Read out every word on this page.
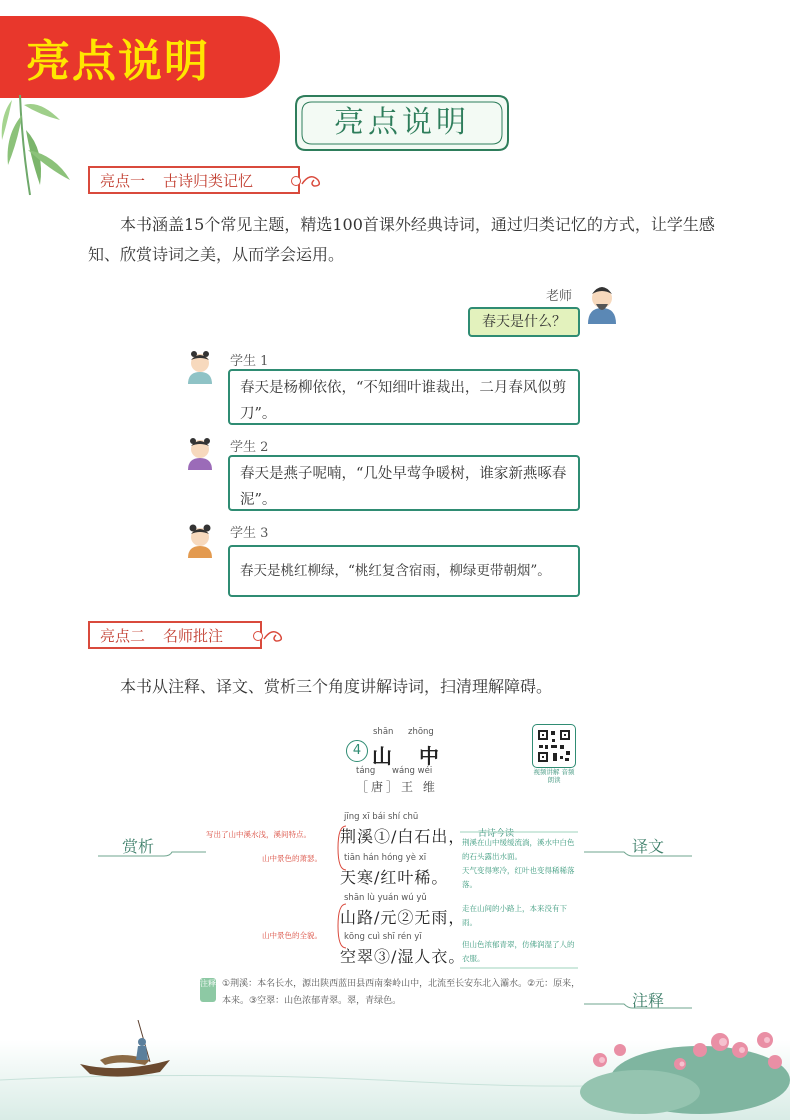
亮点说明
亮点说明
亮点一 古诗归类记忆

本书涵盖15个常见主题，精选100首课外经典诗词，通过归类记忆的方式，让学生感知、欣赏诗词之美，从而学会运用。

老师
春天是什么？
学生 1
春天是杨柳依依，“不知细叶谁裁出，二月春风似剪刀”。
学生 2
春天是燕子呢喃，“几处早莺争暖树，谁家新燕啄春泥”。
学生 3
春天是桃红柳绿，“桃红复含宿雨，柳绿更带朝烟”。
亮点二 名师批注

本书从注释、译文、赏析三个角度讲解诗词，扫清理解障碍。

shān zhōng
4 山 中
táng wáng wéi
［唐］王 维
视频讲解 音频朗读
jīng xī bái shí chū
荆溪①/白石出，
tiān hán hóng yè xī
天寒/红叶稀。
shān lù yuán wú yǔ
山路/元②无雨，
kōng cuì shī rén yī
空翠③/湿人衣。
写出了山中溪水浅，溪间特点。
山中景色的萧瑟。
山中景色的全貌。
古诗今读
荆溪在山中缓缓流淌，溪水中白色的石头露出水面。
天气变得寒冷，红叶也变得稀稀落落。
走在山间的小路上，本来没有下雨。
但山色浓郁青翠，仿佛润湿了人的衣服。
赏析	译文
注释
注释 ①荆溪：本名长水，源出陕西蓝田县西南秦岭山中，北流至长安东北入灞水。②元：原来，本来。③空翠：山色浓郁青翠。翠，青绿色。
